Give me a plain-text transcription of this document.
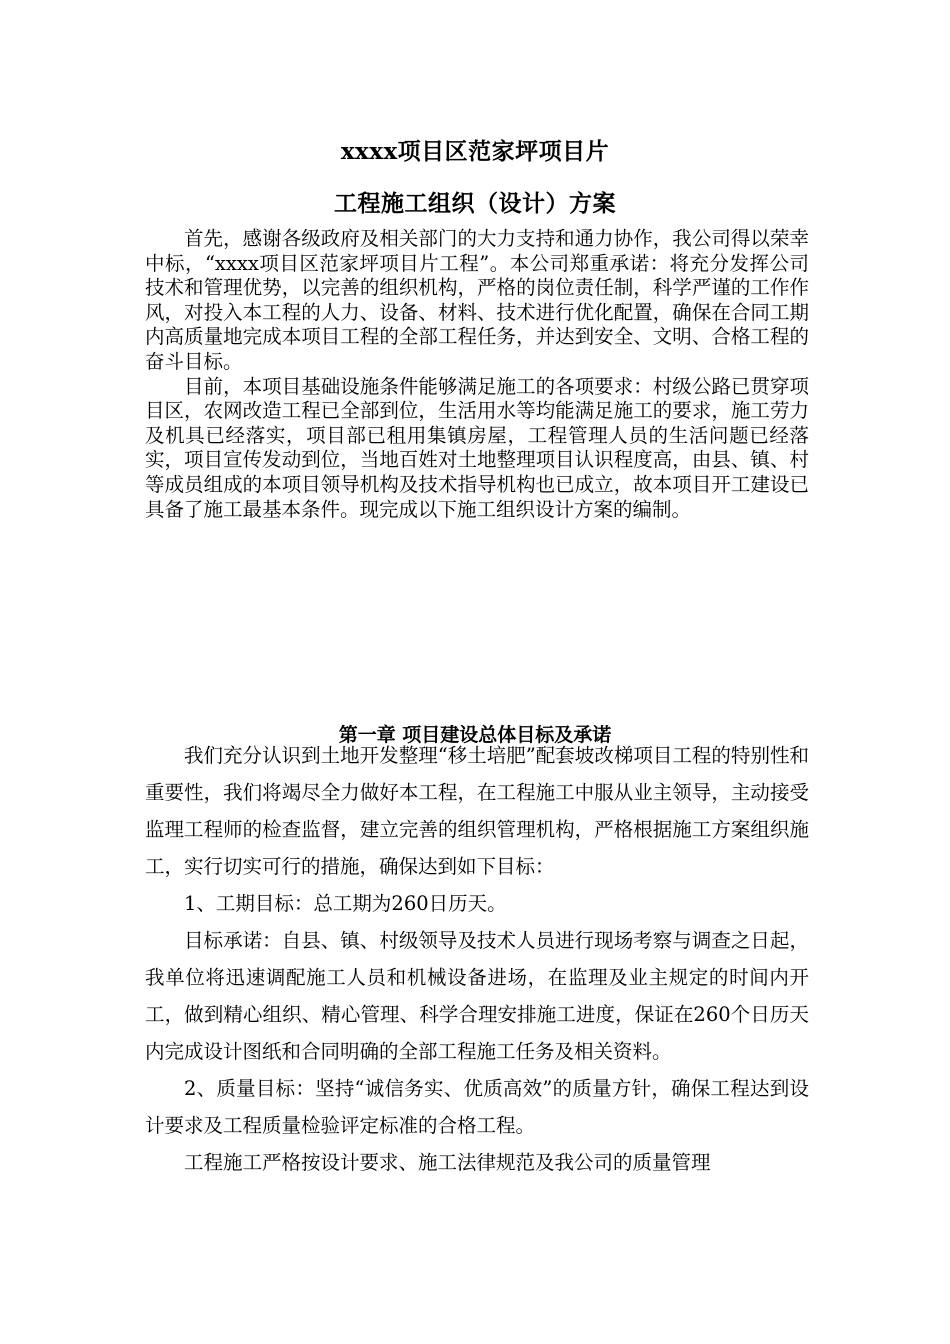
xxxx项目区范家坪项目片
工程施工组织（设计）方案

首先，感谢各级政府及相关部门的大力支持和通力协作，我公司得以荣幸中标，“xxxx项目区范家坪项目片工程”。本公司郑重承诺：将充分发挥公司技术和管理优势，以完善的组织机构，严格的岗位责任制，科学严谨的工作作风，对投入本工程的人力、设备、材料、技术进行优化配置，确保在合同工期内高质量地完成本项目工程的全部工程任务，并达到安全、文明、合格工程的奋斗目标。

目前，本项目基础设施条件能够满足施工的各项要求：村级公路已贯穿项目区，农网改造工程已全部到位，生活用水等均能满足施工的要求，施工劳力及机具已经落实，项目部已租用集镇房屋，工程管理人员的生活问题已经落实，项目宣传发动到位，当地百姓对土地整理项目认识程度高，由县、镇、村等成员组成的本项目领导机构及技术指导机构也已成立，故本项目开工建设已具备了施工最基本条件。现完成以下施工组织设计方案的编制。

第一章 项目建设总体目标及承诺

我们充分认识到土地开发整理“移土培肥”配套坡改梯项目工程的特别性和重要性，我们将竭尽全力做好本工程，在工程施工中服从业主领导，主动接受监理工程师的检查监督，建立完善的组织管理机构，严格根据施工方案组织施工，实行切实可行的措施，确保达到如下目标：

1、工期目标：总工期为260日历天。

目标承诺：自县、镇、村级领导及技术人员进行现场考察与调查之日起，我单位将迅速调配施工人员和机械设备进场，在监理及业主规定的时间内开工，做到精心组织、精心管理、科学合理安排施工进度，保证在260个日历天内完成设计图纸和合同明确的全部工程施工任务及相关资料。

2、质量目标：坚持“诚信务实、优质高效”的质量方针，确保工程达到设计要求及工程质量检验评定标准的合格工程。

工程施工严格按设计要求、施工法律规范及我公司的质量管理
